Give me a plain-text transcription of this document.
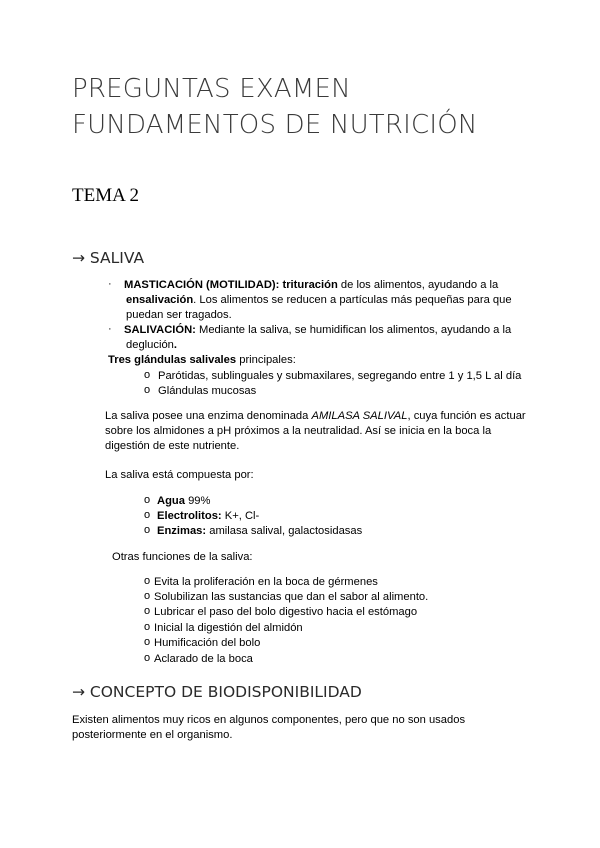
PREGUNTAS EXAMEN
FUNDAMENTOS DE NUTRICIÓN
TEMA 2
→ SALIVA
· MASTICACIÓN (MOTILIDAD): trituración de los alimentos, ayudando a la
ensalivación. Los alimentos se reducen a partículas más pequeñas para que
puedan ser tragados.
· SALIVACIÓN: Mediante la saliva, se humidifican los alimentos, ayudando a la
deglución.
Tres glándulas salivales principales:
o Parótidas, sublinguales y submaxilares, segregando entre 1 y 1,5 L al día
o Glándulas mucosas
La saliva posee una enzima denominada AMILASA SALIVAL, cuya función es actuar
sobre los almidones a pH próximos a la neutralidad. Así se inicia en la boca la
digestión de este nutriente.
La saliva está compuesta por:
o Agua 99%
o Electrolitos: K+, Cl-
o Enzimas: amilasa salival, galactosidasas
Otras funciones de la saliva:
o Evita la proliferación en la boca de gérmenes
o Solubilizan las sustancias que dan el sabor al alimento.
o Lubricar el paso del bolo digestivo hacia el estómago
o Inicial la digestión del almidón
o Humificación del bolo
o Aclarado de la boca
→ CONCEPTO DE BIODISPONIBILIDAD
Existen alimentos muy ricos en algunos componentes, pero que no son usados
posteriormente en el organismo.
